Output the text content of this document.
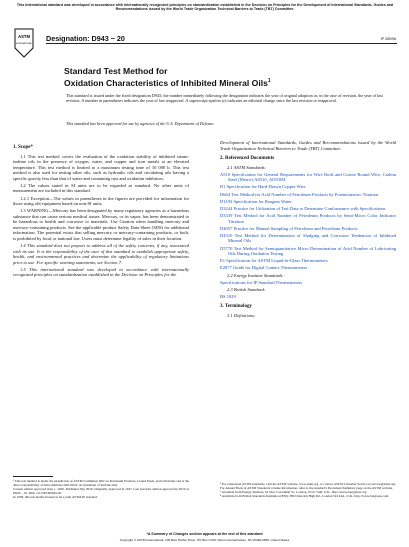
This international standard was developed in accordance with internationally recognized principles on standardization established in the Decision on Principles for the Development of International Standards, Guides and Recommendations issued by the World Trade Organization Technical Barriers to Trade (TBT) Committee.
ASTM
INTERNATIONAL
Designation: D943 − 20	IP 280/96
Standard Test Method for
Oxidation Characteristics of Inhibited Mineral Oils$^1$
This standard is issued under the fixed designation D943; the number immediately following the designation indicates the year of original adoption or, in the case of revision, the year of last revision. A number in parentheses indicates the year of last reapproval. A superscript epsilon (ε) indicates an editorial change since the last revision or reapproval.
This standard has been approved for use by agencies of the U.S. Department of Defense.
1. Scope*

1.1 This test method covers the evaluation of the oxidation stability of inhibited steam-turbine oils in the presence of oxygen, water, and copper and iron metals at an elevated temperature. This test method is limited to a maximum testing time of 10 000 h. This test method is also used for testing other oils, such as hydraulic oils and circulating oils having a specific gravity less than that of water and containing rust and oxidation inhibitors.

1.2 The values stated in SI units are to be regarded as standard. No other units of measurement are included in this standard.

1.2.1 Exception—The values in parentheses in the figures are provided for information for those using old equipment based on non-SI units.

1.3 WARNING—Mercury has been designated by many regulatory agencies as a hazardous substance that can cause serious medical issues. Mercury, or its vapor, has been demonstrated to be hazardous to health and corrosive to materials. Use Caution when handling mercury and mercury-containing products. See the applicable product Safety Data Sheet (SDS) for additional information. The potential exists that selling mercury or mercury-containing products, or both, is prohibited by local or national law. Users must determine legality of sales in their location.

1.4 This standard does not purport to address all of the safety concerns, if any, associated with its use. It is the responsibility of the user of this standard to establish appropriate safety, health, and environmental practices and determine the applicability of regulatory limitations prior to use. For specific warning statements, see Section 7.

1.5 This international standard was developed in accordance with internationally recognized principles on standardization established in the Decision on Principles for the

Development of International Standards, Guides and Recommendations issued by the World Trade Organization Technical Barriers to Trade (TBT) Committee.

2. Referenced Documents

2.1 ASTM Standards:

A510 Specification for General Requirements for Wire Rods and Coarse Round Wire, Carbon Steel (Metric) A0510_A0510M

B1 Specification for Hard-Drawn Copper Wire

D664 Test Method for Acid Number of Petroleum Products by Potentiometric Titration

D1193 Specification for Reagent Water

D3244 Practice for Utilization of Test Data to Determine Conformance with Specifications

D3339 Test Method for Acid Number of Petroleum Products by Semi-Micro Color Indicator Titration

D4057 Practice for Manual Sampling of Petroleum and Petroleum Products

D4310 Test Method for Determination of Sludging and Corrosion Tendencies of Inhibited Mineral Oils

D5770 Test Method for Semiquantitative Micro Determination of Acid Number of Lubricating Oils During Oxidation Testing

E1 Specification for ASTM Liquid-in-Glass Thermometers

E2877 Guide for Digital Contact Thermometers

2.2 Energy Institute Standards:

Specifications for IP Standard Thermometers

2.3 British Standard:

BS 1829

3. Terminology

3.1 Definitions:

¹ This test method is under the jurisdiction of ASTM Committee D02 on Petroleum Products, Liquid Fuels, and Lubricants and is the direct responsibility of Subcommittee D02.09.0C on Oxidation of Turbine Oils.
Current edition approved June 1, 2020. Published July 2020. Originally approved in 1947. Last previous edition approved in 2019 as D943 – 19. DOI: 10.1520/D0943-20.
In 1958, this test method issued to be a joint ASTM-IP standard.
² For referenced ASTM standards, visit the ASTM website, www.astm.org, or contact ASTM Customer Service at service@astm.org. For Annual Book of ASTM Standards volume information, refer to the standard's Document Summary page on the ASTM website.
³ Available from Energy Institute, 61 New Cavendish St., London, W1G 7AR, U.K., http://www.energyinst.org.
⁴ Available from British Standards Institution (BSI), 389 Chiswick High Rd., London W4 4AL, U.K., http://www.bsigroup.com.
*A Summary of Changes section appears at the end of this standard
Copyright © ASTM International, 100 Barr Harbor Drive, PO Box C700, West Conshohocken, PA 19428-2959. United States
